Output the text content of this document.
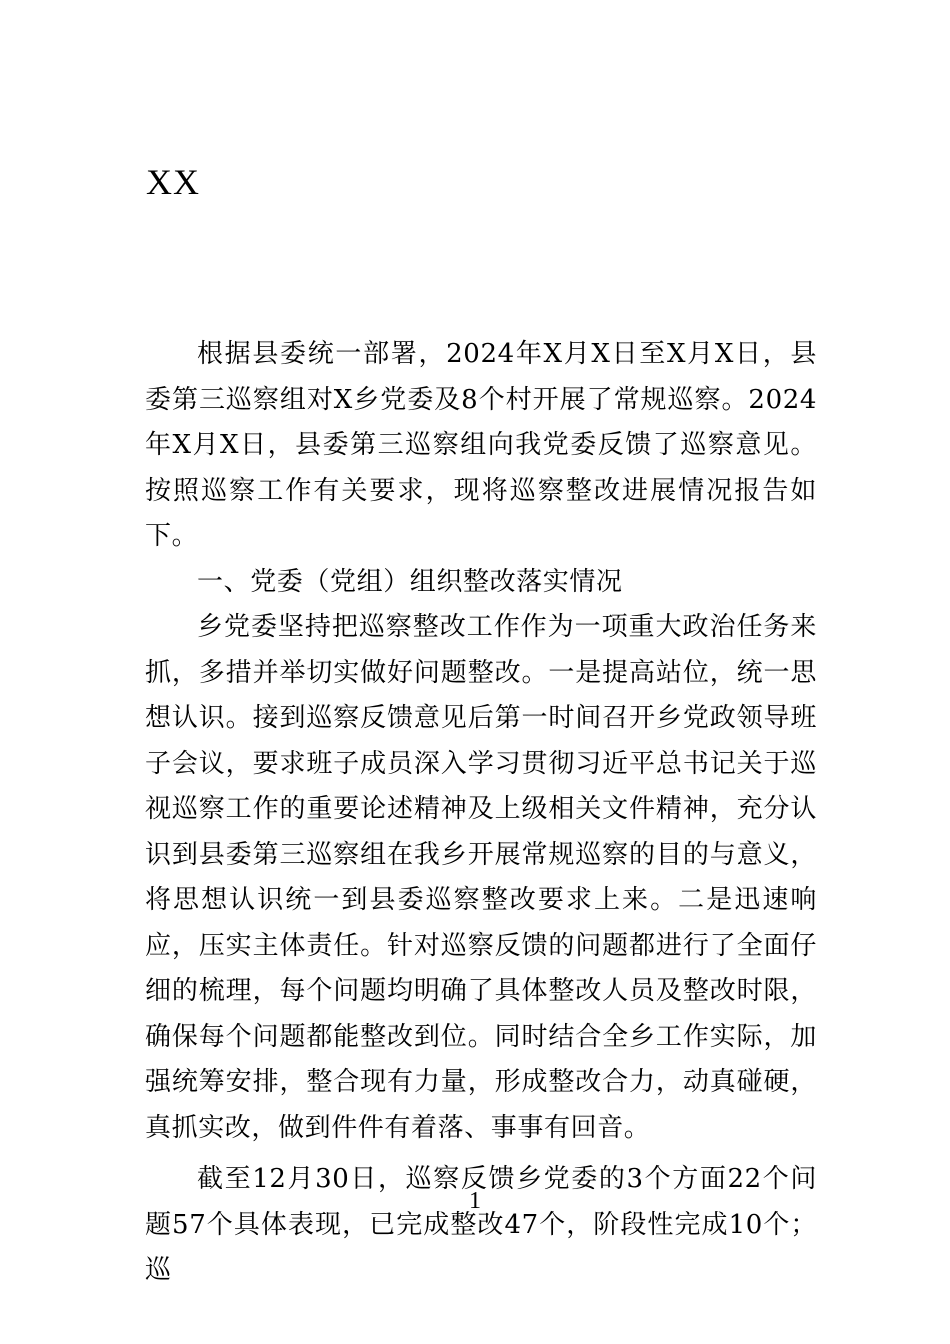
XX

根据县委统一部署，2024年X月X日至X月X日，县委第三巡察组对X乡党委及8个村开展了常规巡察。2024年X月X日，县委第三巡察组向我党委反馈了巡察意见。按照巡察工作有关要求，现将巡察整改进展情况报告如下。

一、党委（党组）组织整改落实情况

乡党委坚持把巡察整改工作作为一项重大政治任务来抓，多措并举切实做好问题整改。一是提高站位，统一思想认识。接到巡察反馈意见后第一时间召开乡党政领导班子会议，要求班子成员深入学习贯彻习近平总书记关于巡视巡察工作的重要论述精神及上级相关文件精神，充分认识到县委第三巡察组在我乡开展常规巡察的目的与意义，将思想认识统一到县委巡察整改要求上来。二是迅速响应，压实主体责任。针对巡察反馈的问题都进行了全面仔细的梳理，每个问题均明确了具体整改人员及整改时限，确保每个问题都能整改到位。同时结合全乡工作实际，加强统筹安排，整合现有力量，形成整改合力，动真碰硬，真抓实改，做到件件有着落、事事有回音。

截至12月30日，巡察反馈乡党委的3个方面22个问题57个具体表现，已完成整改47个，阶段性完成10个；巡

1
